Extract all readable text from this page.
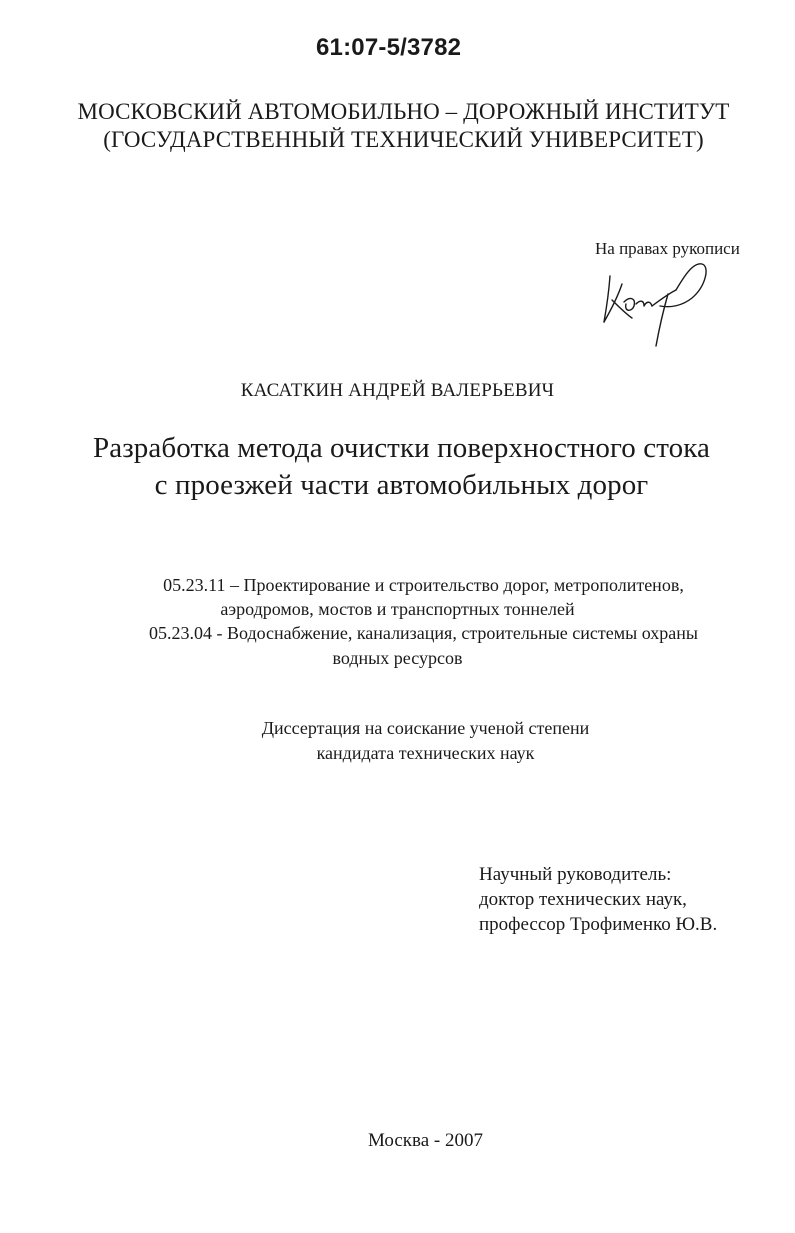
61:07-5/3782
МОСКОВСКИЙ АВТОМОБИЛЬНО – ДОРОЖНЫЙ ИНСТИТУТ
(ГОСУДАРСТВЕННЫЙ ТЕХНИЧЕСКИЙ УНИВЕРСИТЕТ)
На правах рукописи
КАСАТКИН АНДРЕЙ ВАЛЕРЬЕВИЧ
Разработка метода очистки поверхностного стока
с проезжей части автомобильных дорог
05.23.11 – Проектирование и строительство дорог, метрополитенов,
аэродромов, мостов и транспортных тоннелей
05.23.04 - Водоснабжение, канализация, строительные системы охраны
водных ресурсов
Диссертация на соискание ученой степени
кандидата технических наук
Научный руководитель:
доктор технических наук,
профессор Трофименко Ю.В.
Москва - 2007
